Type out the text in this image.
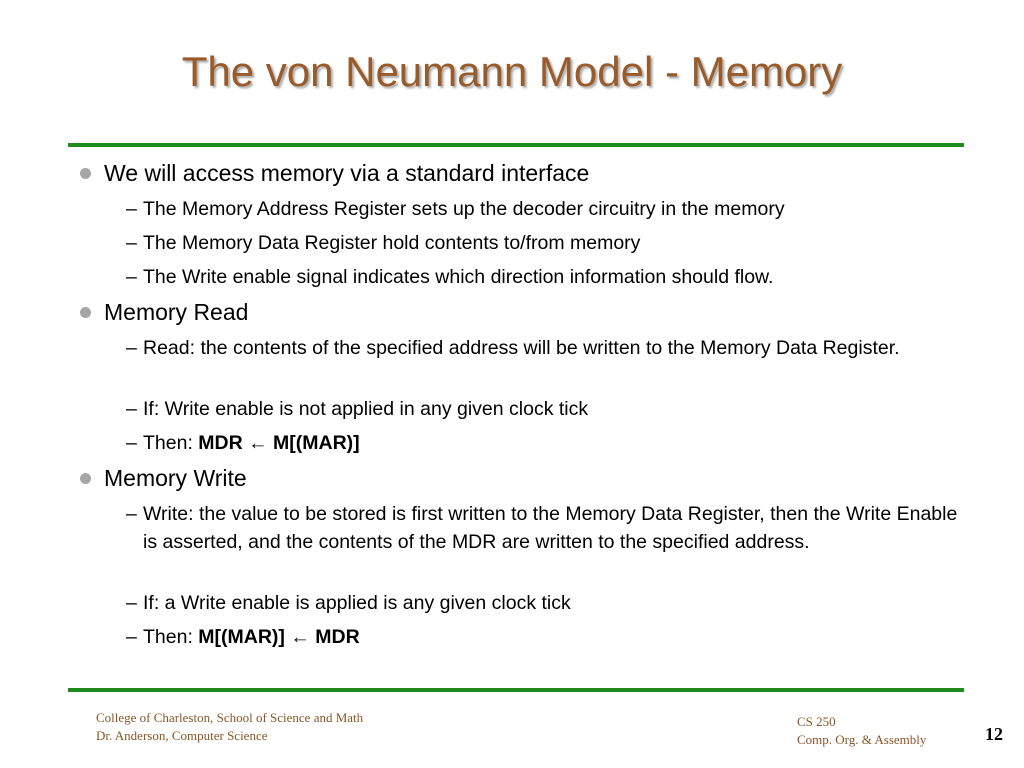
The von Neumann Model - Memory
We will access memory via a standard interface
– The Memory Address Register sets up the decoder circuitry in the memory
– The Memory Data Register hold contents to/from memory
– The Write enable signal indicates which direction information should flow.
Memory Read
– Read: the contents of the specified address will be written to the Memory Data Register.
– If: Write enable is not applied in any given clock tick
– Then: MDR ← M[(MAR)]
Memory Write
– Write: the value to be stored is first written to the Memory Data Register, then the Write Enable is asserted, and the contents of the MDR are written to the specified address.
– If: a Write enable is applied is any given clock tick
– Then: M[(MAR)] ← MDR
College of Charleston, School of Science and Math
Dr. Anderson, Computer Science
CS 250
Comp. Org. & Assembly	12
